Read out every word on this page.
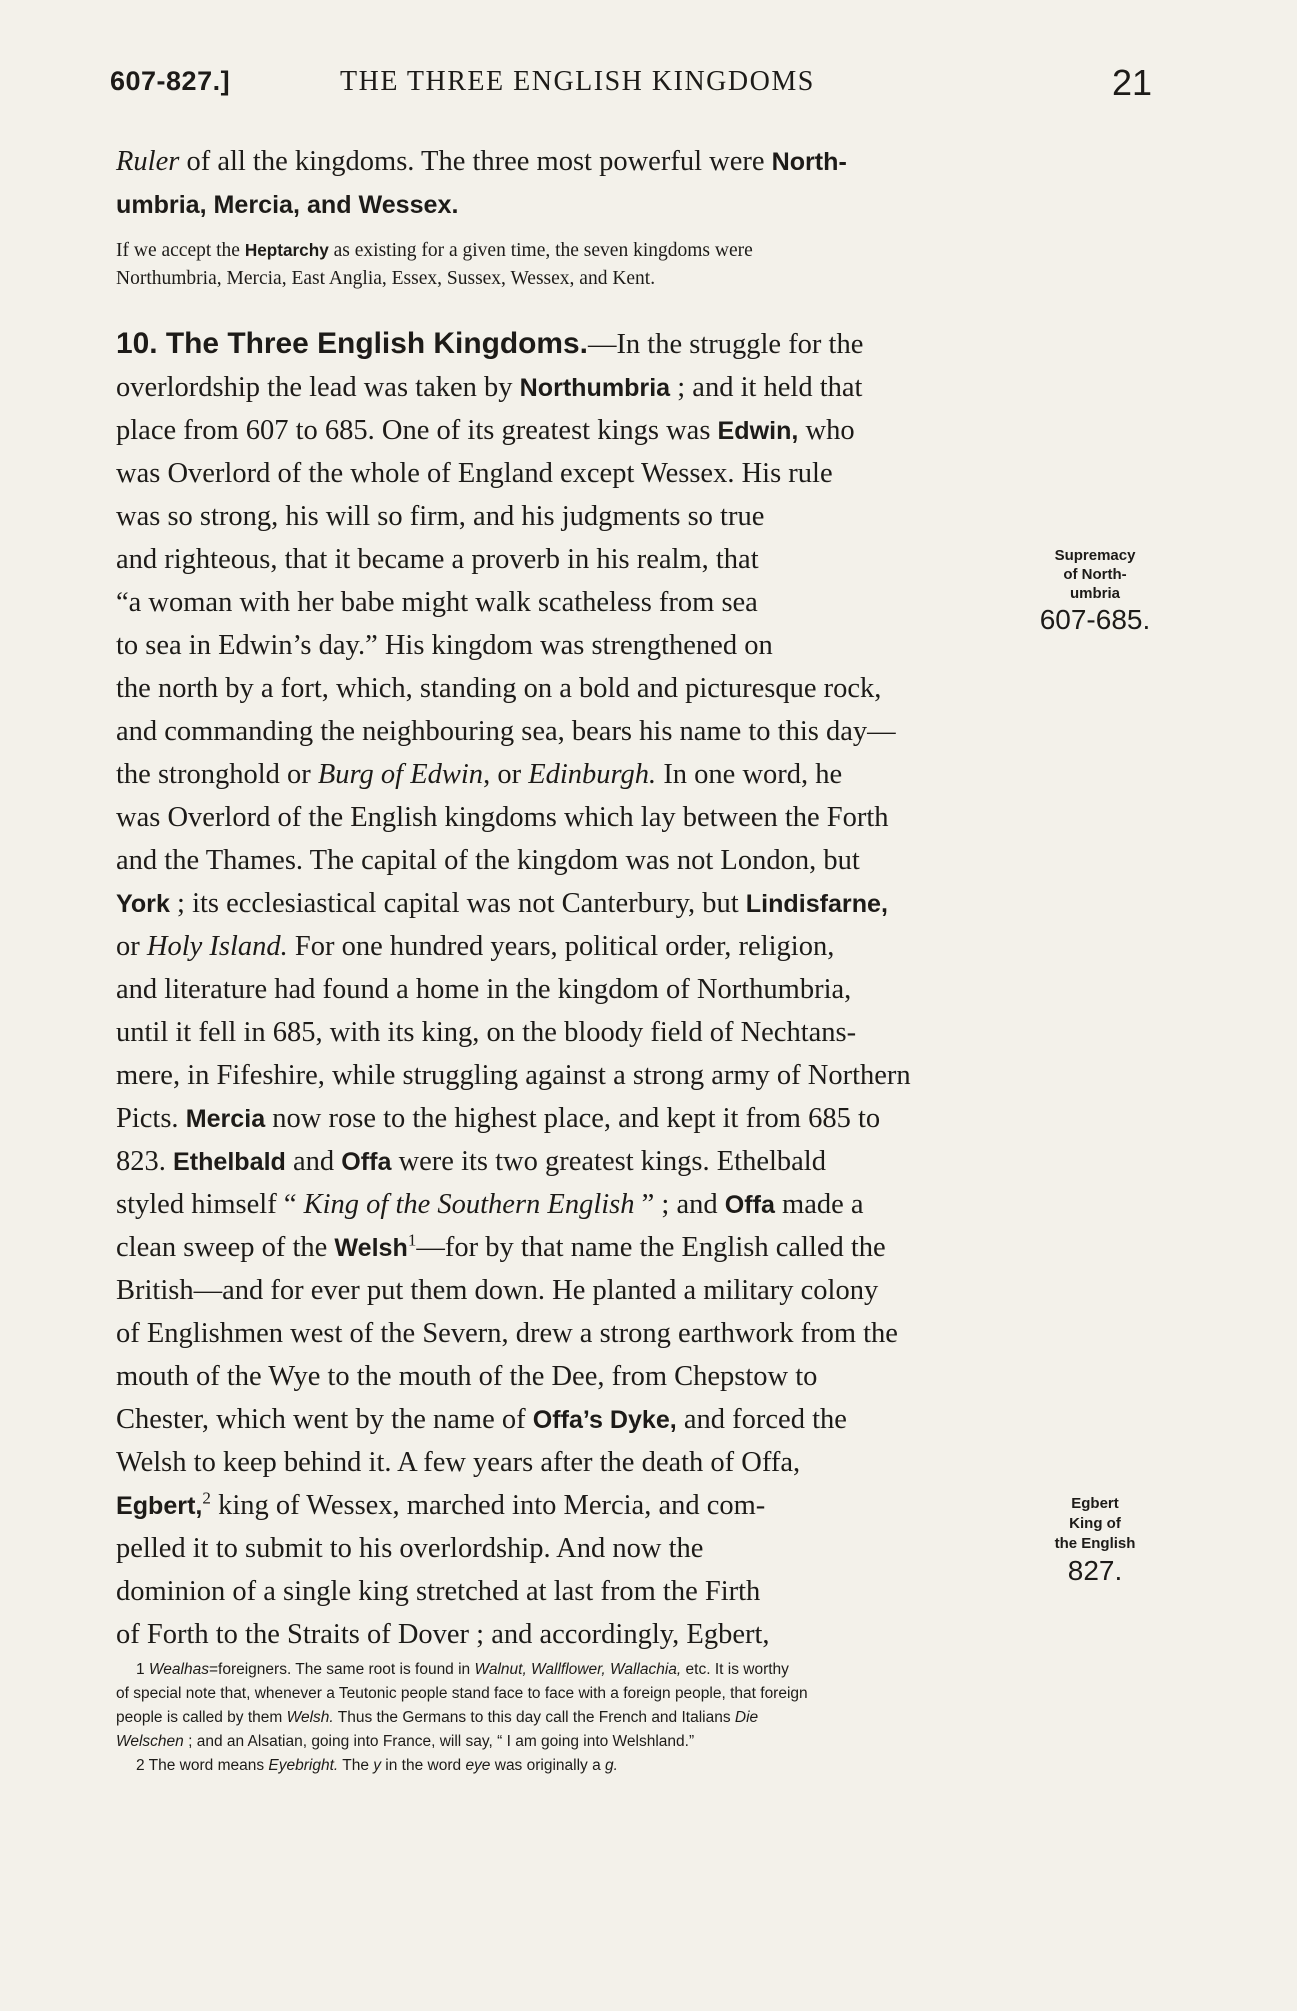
607-827.]	THE THREE ENGLISH KINGDOMS	21
Ruler of all the kingdoms. The three most powerful were North-
umbria, Mercia, and Wessex.
If we accept the Heptarchy as existing for a given time, the seven kingdoms were
Northumbria, Mercia, East Anglia, Essex, Sussex, Wessex, and Kent.
10. The Three English Kingdoms.—In the struggle for the
overlordship the lead was taken by Northumbria ; and it held that
place from 607 to 685. One of its greatest kings was Edwin, who
was Overlord of the whole of England except Wessex. His rule
was so strong, his will so firm, and his judgments so true
and righteous, that it became a proverb in his realm, that
“a woman with her babe might walk scatheless from sea
to sea in Edwin’s day.” His kingdom was strengthened on
the north by a fort, which, standing on a bold and picturesque rock,
and commanding the neighbouring sea, bears his name to this day—
the stronghold or Burg of Edwin, or Edinburgh. In one word, he
was Overlord of the English kingdoms which lay between the Forth
and the Thames. The capital of the kingdom was not London, but
York ; its ecclesiastical capital was not Canterbury, but Lindisfarne,
or Holy Island. For one hundred years, political order, religion,
and literature had found a home in the kingdom of Northumbria,
until it fell in 685, with its king, on the bloody field of Nechtans-
mere, in Fifeshire, while struggling against a strong army of Northern
Picts. Mercia now rose to the highest place, and kept it from 685 to
823. Ethelbald and Offa were its two greatest kings. Ethelbald
styled himself “ King of the Southern English ” ; and Offa made a
clean sweep of the Welsh$^1$—for by that name the English called the
British—and for ever put them down. He planted a military colony
of Englishmen west of the Severn, drew a strong earthwork from the
mouth of the Wye to the mouth of the Dee, from Chepstow to
Chester, which went by the name of Offa’s Dyke, and forced the
Welsh to keep behind it. A few years after the death of Offa,
Egbert,$^2$ king of Wessex, marched into Mercia, and com-
pelled it to submit to his overlordship. And now the
dominion of a single king stretched at last from the Firth
of Forth to the Straits of Dover ; and accordingly, Egbert,
Supremacy
of North-
umbria
607-685.
Egbert
King of
the English
827.
1 Wealhas=foreigners. The same root is found in Walnut, Wallflower, Wallachia, etc. It is worthy
of special note that, whenever a Teutonic people stand face to face with a foreign people, that foreign
people is called by them Welsh. Thus the Germans to this day call the French and Italians Die
Welschen ; and an Alsatian, going into France, will say, “ I am going into Welshland.”
2 The word means Eyebright. The y in the word eye was originally a g.
